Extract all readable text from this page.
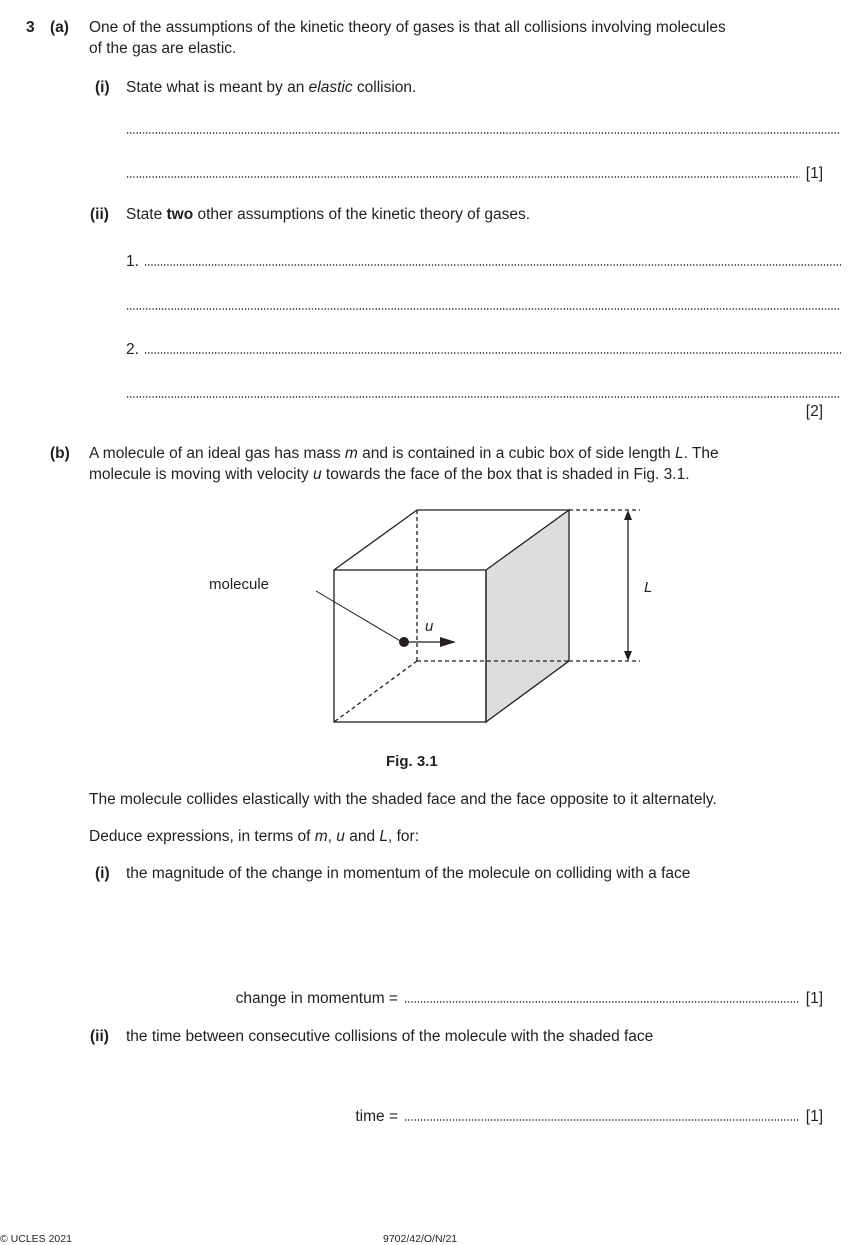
3 (a) One of the assumptions of the kinetic theory of gases is that all collisions involving molecules
of the gas are elastic.
(i) State what is meant by an elastic collision.
[1]
(ii) State two other assumptions of the kinetic theory of gases.
1.
2.
[2]
(b) A molecule of an ideal gas has mass m and is contained in a cubic box of side length L. The
molecule is moving with velocity u towards the face of the box that is shaded in Fig. 3.1.
molecule
u
L
Fig. 3.1
The molecule collides elastically with the shaded face and the face opposite to it alternately.
Deduce expressions, in terms of m, u and L, for:
(i) the magnitude of the change in momentum of the molecule on colliding with a face
change in momentum =	[1]
(ii) the time between consecutive collisions of the molecule with the shaded face
time =	[1]
© UCLES 2021	9702/42/O/N/21
